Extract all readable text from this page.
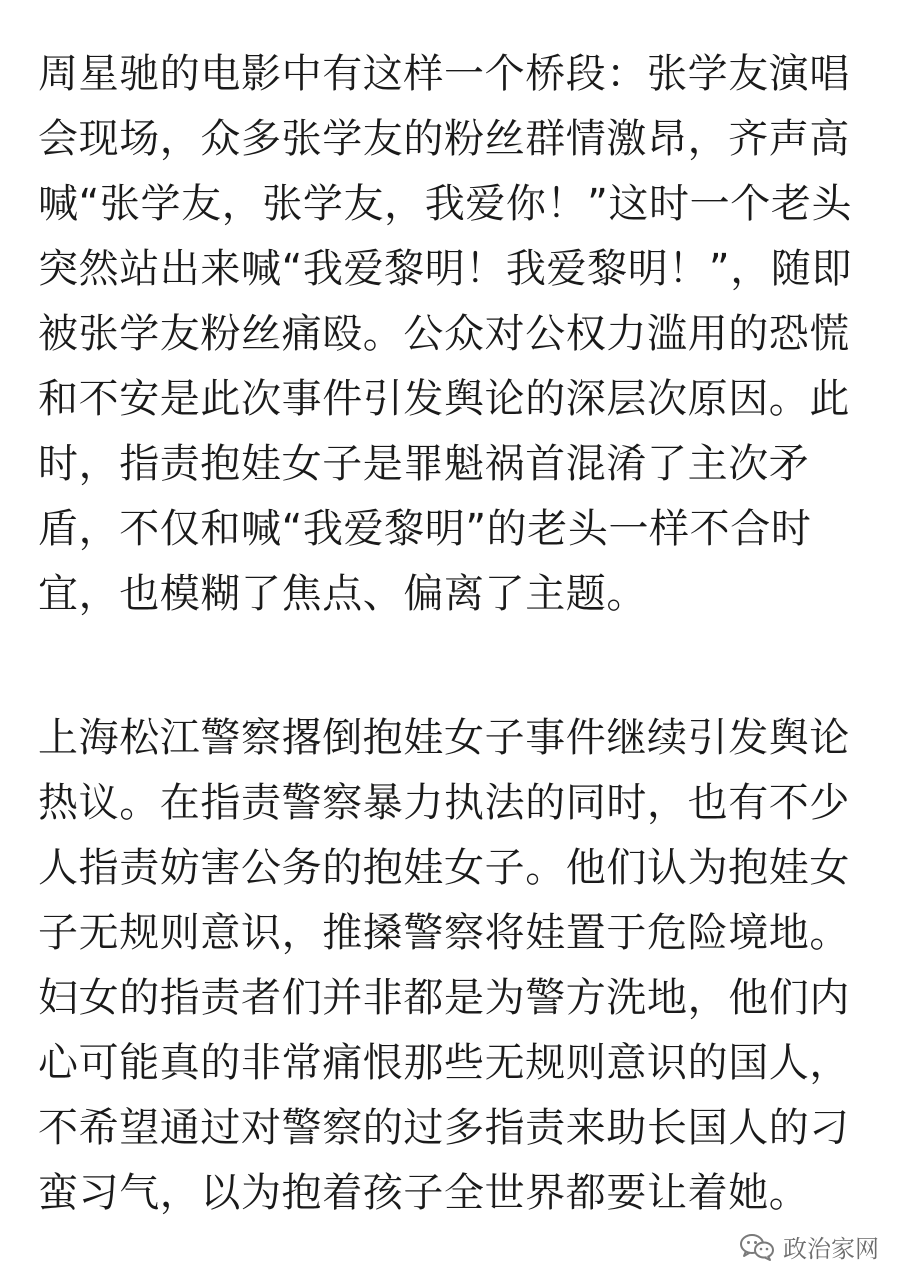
周星驰的电影中有这样一个桥段：张学友演唱
会现场，众多张学友的粉丝群情激昂，齐声高
喊“张学友，张学友，我爱你！”这时一个老头
突然站出来喊“我爱黎明！我爱黎明！”，随即
被张学友粉丝痛殴。公众对公权力滥用的恐慌
和不安是此次事件引发舆论的深层次原因。此
时，指责抱娃女子是罪魁祸首混淆了主次矛
盾，不仅和喊“我爱黎明”的老头一样不合时
宜，也模糊了焦点、偏离了主题。
上海松江警察撂倒抱娃女子事件继续引发舆论
热议。在指责警察暴力执法的同时，也有不少
人指责妨害公务的抱娃女子。他们认为抱娃女
子无规则意识，推搡警察将娃置于危险境地。
妇女的指责者们并非都是为警方洗地，他们内
心可能真的非常痛恨那些无规则意识的国人，
不希望通过对警察的过多指责来助长国人的刁
蛮习气，以为抱着孩子全世界都要让着她。
政治家网
